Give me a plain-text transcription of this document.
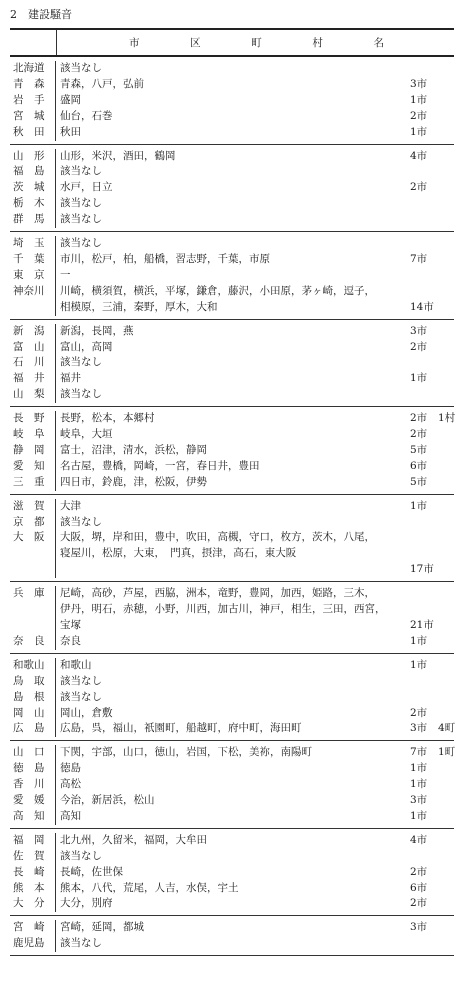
2　建設騒音
市	区	町	村	名
北海道	該当なし
青　森	青森，八戸，弘前	3市
岩　手	盛岡	1市
宮　城	仙台，石巻	2市
秋　田	秋田	1市
山　形	山形，米沢，酒田，鶴岡	4市
福　島	該当なし
茨　城	水戸，日立	2市
栃　木	該当なし
群　馬	該当なし
埼　玉	該当なし
千　葉	市川，松戸，柏，船橋，習志野，千葉，市原	7市
東　京	一
神奈川	川崎，横須賀，横浜，平塚，鎌倉，藤沢，小田原，茅ヶ崎，逗子，
相模原，三浦，秦野，厚木，大和	14市
新　潟	新潟，長岡，燕	3市
富　山	富山，高岡	2市
石　川	該当なし
福　井	福井	1市
山　梨	該当なし
長　野	長野，松本，本郷村	2市 1村
岐　阜	岐阜，大垣	2市
静　岡	富士，沼津，清水，浜松，静岡	5市
愛　知	名古屋，豊橋，岡崎，一宮，春日井，豊田	6市
三　重	四日市，鈴鹿，津，松阪，伊勢	5市
滋　賀	大津	1市
京　都	該当なし
大　阪	大阪，堺，岸和田，豊中，吹田，高槻，守口，枚方，茨木，八尾，
寝屋川，松原，大東，　門真，摂津，高石，東大阪
17市
兵　庫	尼崎，高砂，芦屋，西脇，洲本，竜野，豊岡，加西，姫路，三木，
伊丹，明石，赤穂，小野，川西，加古川，神戸，相生，三田，西宮，
宝塚	21市
奈　良	奈良	1市
和歌山	和歌山	1市
鳥　取	該当なし
島　根	該当なし
岡　山	岡山，倉敷	2市
広　島	広島，呉，福山，祇園町，船越町，府中町，海田町	3市 4町
山　口	下関，宇部，山口，徳山，岩国，下松，美祢，南陽町	7市 1町
徳　島	徳島	1市
香　川	高松	1市
愛　媛	今治，新居浜，松山	3市
高　知	高知	1市
福　岡	北九州，久留米，福岡，大牟田	4市
佐　賀	該当なし
長　崎	長崎，佐世保	2市
熊　本	熊本，八代，荒尾，人吉，水俣，宇土	6市
大　分	大分，別府	2市
宮　崎	宮崎，延岡，都城	3市
鹿児島	該当なし
